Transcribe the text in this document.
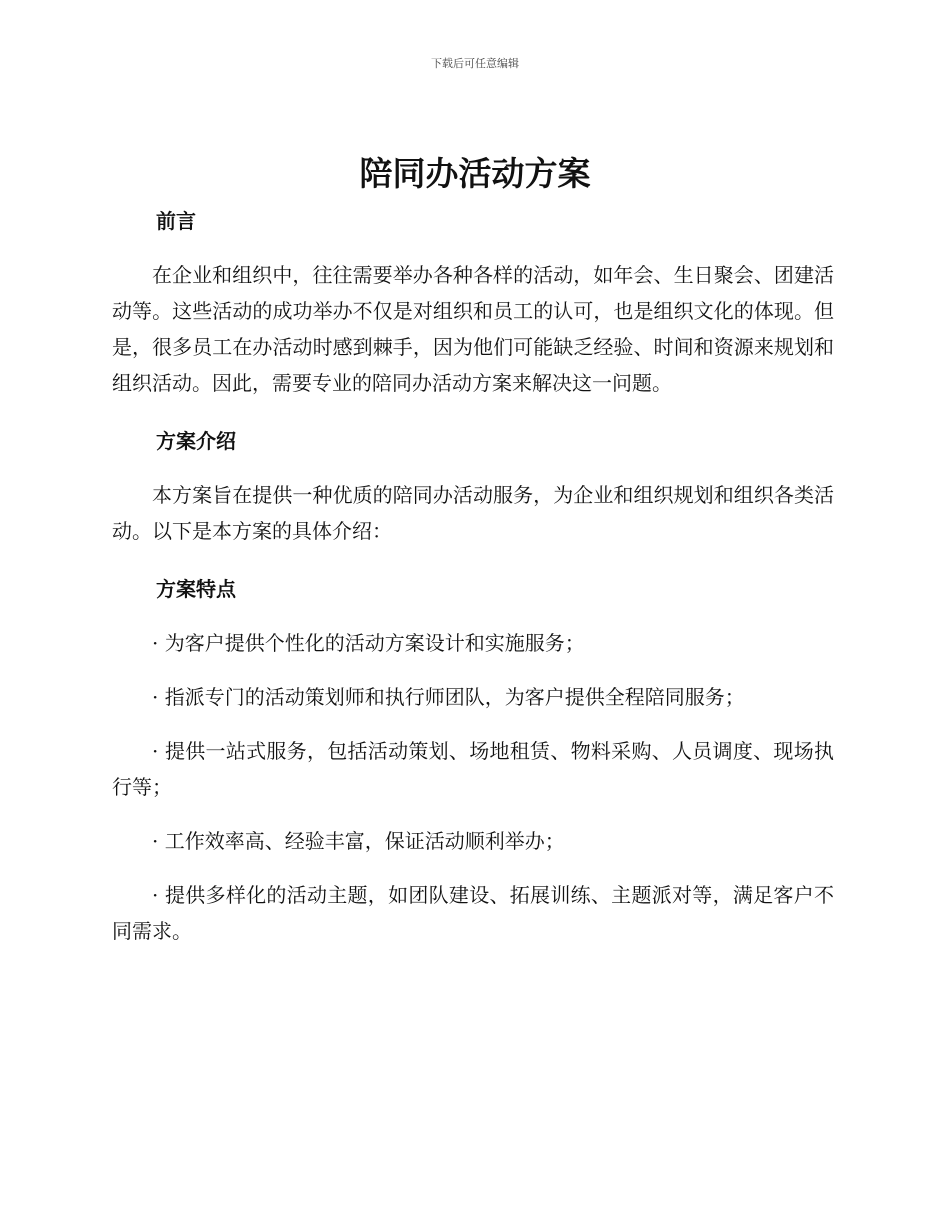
下载后可任意编辑
陪同办活动方案
前言

在企业和组织中，往往需要举办各种各样的活动，如年会、生日聚会、团建活动等。这些活动的成功举办不仅是对组织和员工的认可，也是组织文化的体现。但是，很多员工在办活动时感到棘手，因为他们可能缺乏经验、时间和资源来规划和组织活动。因此，需要专业的陪同办活动方案来解决这一问题。

方案介绍

本方案旨在提供一种优质的陪同办活动服务，为企业和组织规划和组织各类活动。以下是本方案的具体介绍：

方案特点

· 为客户提供个性化的活动方案设计和实施服务；

· 指派专门的活动策划师和执行师团队，为客户提供全程陪同服务；

· 提供一站式服务，包括活动策划、场地租赁、物料采购、人员调度、现场执行等；

· 工作效率高、经验丰富，保证活动顺利举办；

· 提供多样化的活动主题，如团队建设、拓展训练、主题派对等，满足客户不同需求。
